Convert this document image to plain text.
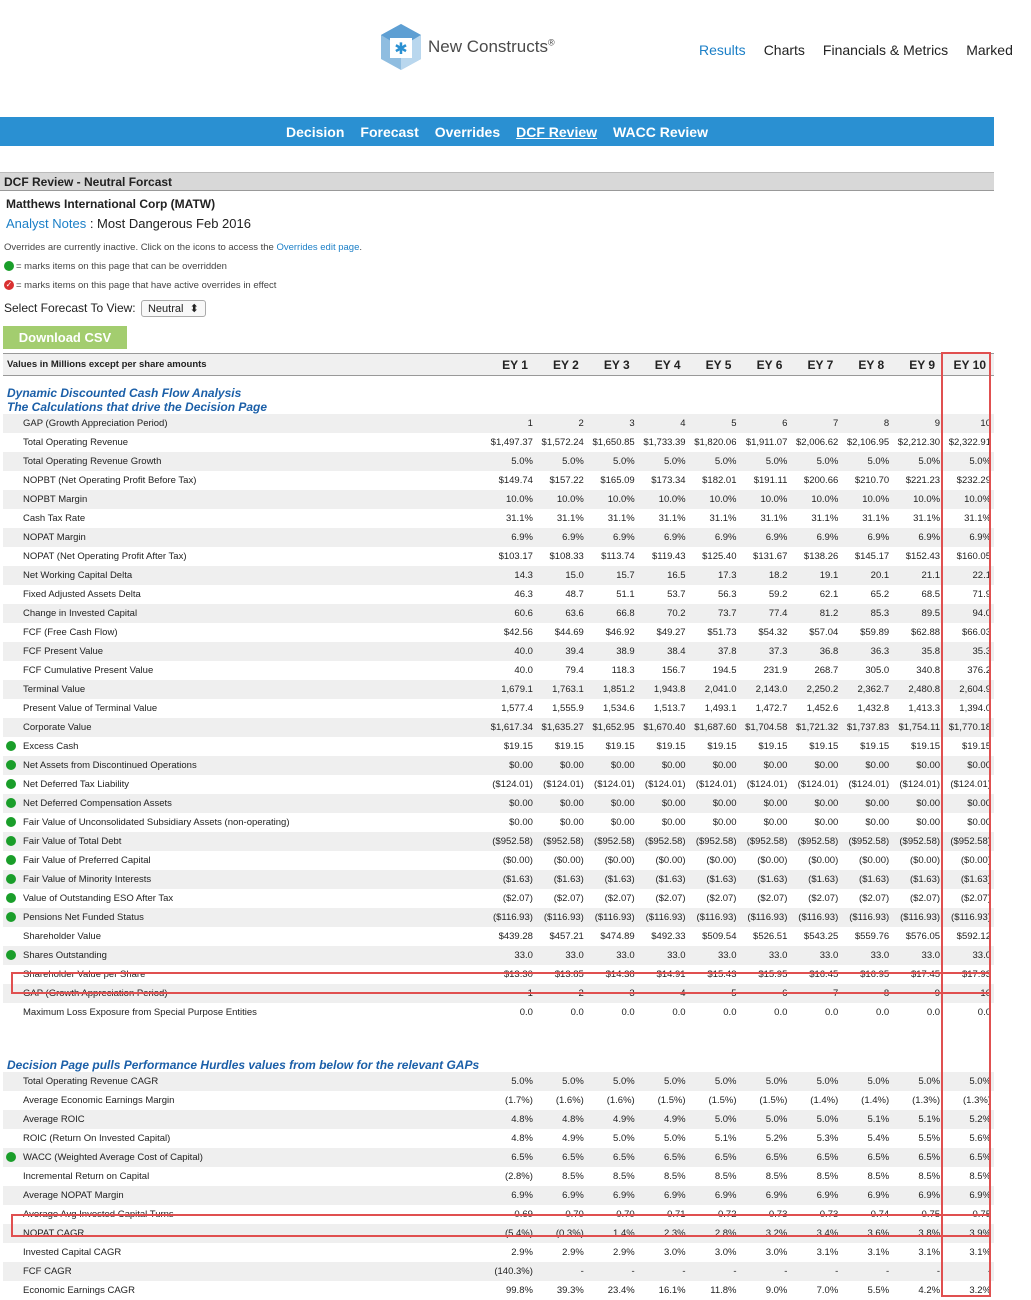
✱ New Constructs®	Results Charts Financials & Metrics Marked
Decision Forecast Overrides DCF Review WACC Review
DCF Review - Neutral Forcast
Matthews International Corp (MATW)
Analyst Notes : Most Dangerous Feb 2016
Overrides are currently inactive. Click on the icons to access the Overrides edit page.
= marks items on this page that can be overridden
✓ = marks items on this page that have active overrides in effect
Select Forecast To View: Neutral ⬍
Download CSV
Values in Millions except per share amounts	EY 1	EY 2	EY 3	EY 4	EY 5	EY 6	EY 7	EY 8	EY 9	EY 10

Dynamic Discounted Cash Flow Analysis
The Calculations that drive the Decision Page										

GAP (Growth Appreciation Period)	1	2	3	4	5	6	7	8	9	10
Total Operating Revenue	$1,497.37	$1,572.24	$1,650.85	$1,733.39	$1,820.06	$1,911.07	$2,006.62	$2,106.95	$2,212.30	$2,322.91
Total Operating Revenue Growth	5.0%	5.0%	5.0%	5.0%	5.0%	5.0%	5.0%	5.0%	5.0%	5.0%
NOPBT (Net Operating Profit Before Tax)	$149.74	$157.22	$165.09	$173.34	$182.01	$191.11	$200.66	$210.70	$221.23	$232.29
NOPBT Margin	10.0%	10.0%	10.0%	10.0%	10.0%	10.0%	10.0%	10.0%	10.0%	10.0%
Cash Tax Rate	31.1%	31.1%	31.1%	31.1%	31.1%	31.1%	31.1%	31.1%	31.1%	31.1%
NOPAT Margin	6.9%	6.9%	6.9%	6.9%	6.9%	6.9%	6.9%	6.9%	6.9%	6.9%
NOPAT (Net Operating Profit After Tax)	$103.17	$108.33	$113.74	$119.43	$125.40	$131.67	$138.26	$145.17	$152.43	$160.05
Net Working Capital Delta	14.3	15.0	15.7	16.5	17.3	18.2	19.1	20.1	21.1	22.1
Fixed Adjusted Assets Delta	46.3	48.7	51.1	53.7	56.3	59.2	62.1	65.2	68.5	71.9
Change in Invested Capital	60.6	63.6	66.8	70.2	73.7	77.4	81.2	85.3	89.5	94.0
FCF (Free Cash Flow)	$42.56	$44.69	$46.92	$49.27	$51.73	$54.32	$57.04	$59.89	$62.88	$66.03
FCF Present Value	40.0	39.4	38.9	38.4	37.8	37.3	36.8	36.3	35.8	35.3
FCF Cumulative Present Value	40.0	79.4	118.3	156.7	194.5	231.9	268.7	305.0	340.8	376.2
Terminal Value	1,679.1	1,763.1	1,851.2	1,943.8	2,041.0	2,143.0	2,250.2	2,362.7	2,480.8	2,604.9
Present Value of Terminal Value	1,577.4	1,555.9	1,534.6	1,513.7	1,493.1	1,472.7	1,452.6	1,432.8	1,413.3	1,394.0
Corporate Value	$1,617.34	$1,635.27	$1,652.95	$1,670.40	$1,687.60	$1,704.58	$1,721.32	$1,737.83	$1,754.11	$1,770.18

Excess Cash	$19.15	$19.15	$19.15	$19.15	$19.15	$19.15	$19.15	$19.15	$19.15	$19.15

Net Assets from Discontinued Operations	$0.00	$0.00	$0.00	$0.00	$0.00	$0.00	$0.00	$0.00	$0.00	$0.00

Net Deferred Tax Liability	($124.01)	($124.01)	($124.01)	($124.01)	($124.01)	($124.01)	($124.01)	($124.01)	($124.01)	($124.01)

Net Deferred Compensation Assets	$0.00	$0.00	$0.00	$0.00	$0.00	$0.00	$0.00	$0.00	$0.00	$0.00

Fair Value of Unconsolidated Subsidiary Assets (non-operating)	$0.00	$0.00	$0.00	$0.00	$0.00	$0.00	$0.00	$0.00	$0.00	$0.00

Fair Value of Total Debt	($952.58)	($952.58)	($952.58)	($952.58)	($952.58)	($952.58)	($952.58)	($952.58)	($952.58)	($952.58)

Fair Value of Preferred Capital	($0.00)	($0.00)	($0.00)	($0.00)	($0.00)	($0.00)	($0.00)	($0.00)	($0.00)	($0.00)

Fair Value of Minority Interests	($1.63)	($1.63)	($1.63)	($1.63)	($1.63)	($1.63)	($1.63)	($1.63)	($1.63)	($1.63)

Value of Outstanding ESO After Tax	($2.07)	($2.07)	($2.07)	($2.07)	($2.07)	($2.07)	($2.07)	($2.07)	($2.07)	($2.07)

Pensions Net Funded Status	($116.93)	($116.93)	($116.93)	($116.93)	($116.93)	($116.93)	($116.93)	($116.93)	($116.93)	($116.93)
Shareholder Value	$439.28	$457.21	$474.89	$492.33	$509.54	$526.51	$543.25	$559.76	$576.05	$592.12

Shares Outstanding	33.0	33.0	33.0	33.0	33.0	33.0	33.0	33.0	33.0	33.0
Shareholder Value per Share	$13.30	$13.85	$14.38	$14.91	$15.43	$15.95	$16.45	$16.95	$17.45	$17.93
GAP (Growth Appreciation Period)	1	2	3	4	5	6	7	8	9	10
Maximum Loss Exposure from Special Purpose Entities	0.0	0.0	0.0	0.0	0.0	0.0	0.0	0.0	0.0	0.0

Decision Page pulls Performance Hurdles values from below for the relevant GAPs										

Total Operating Revenue CAGR	5.0%	5.0%	5.0%	5.0%	5.0%	5.0%	5.0%	5.0%	5.0%	5.0%
Average Economic Earnings Margin	(1.7%)	(1.6%)	(1.6%)	(1.5%)	(1.5%)	(1.5%)	(1.4%)	(1.4%)	(1.3%)	(1.3%)
Average ROIC	4.8%	4.8%	4.9%	4.9%	5.0%	5.0%	5.0%	5.1%	5.1%	5.2%
ROIC (Return On Invested Capital)	4.8%	4.9%	5.0%	5.0%	5.1%	5.2%	5.3%	5.4%	5.5%	5.6%

WACC (Weighted Average Cost of Capital)	6.5%	6.5%	6.5%	6.5%	6.5%	6.5%	6.5%	6.5%	6.5%	6.5%
Incremental Return on Capital	(2.8%)	8.5%	8.5%	8.5%	8.5%	8.5%	8.5%	8.5%	8.5%	8.5%
Average NOPAT Margin	6.9%	6.9%	6.9%	6.9%	6.9%	6.9%	6.9%	6.9%	6.9%	6.9%
Average Avg Invested Capital Turns	0.69	0.70	0.70	0.71	0.72	0.73	0.73	0.74	0.75	0.75
NOPAT CAGR	(5.4%)	(0.3%)	1.4%	2.3%	2.8%	3.2%	3.4%	3.6%	3.8%	3.9%
Invested Capital CAGR	2.9%	2.9%	2.9%	3.0%	3.0%	3.0%	3.1%	3.1%	3.1%	3.1%
FCF CAGR	(140.3%)	-	-	-	-	-	-	-	-	-
Economic Earnings CAGR	99.8%	39.3%	23.4%	16.1%	11.8%	9.0%	7.0%	5.5%	4.2%	3.2%
